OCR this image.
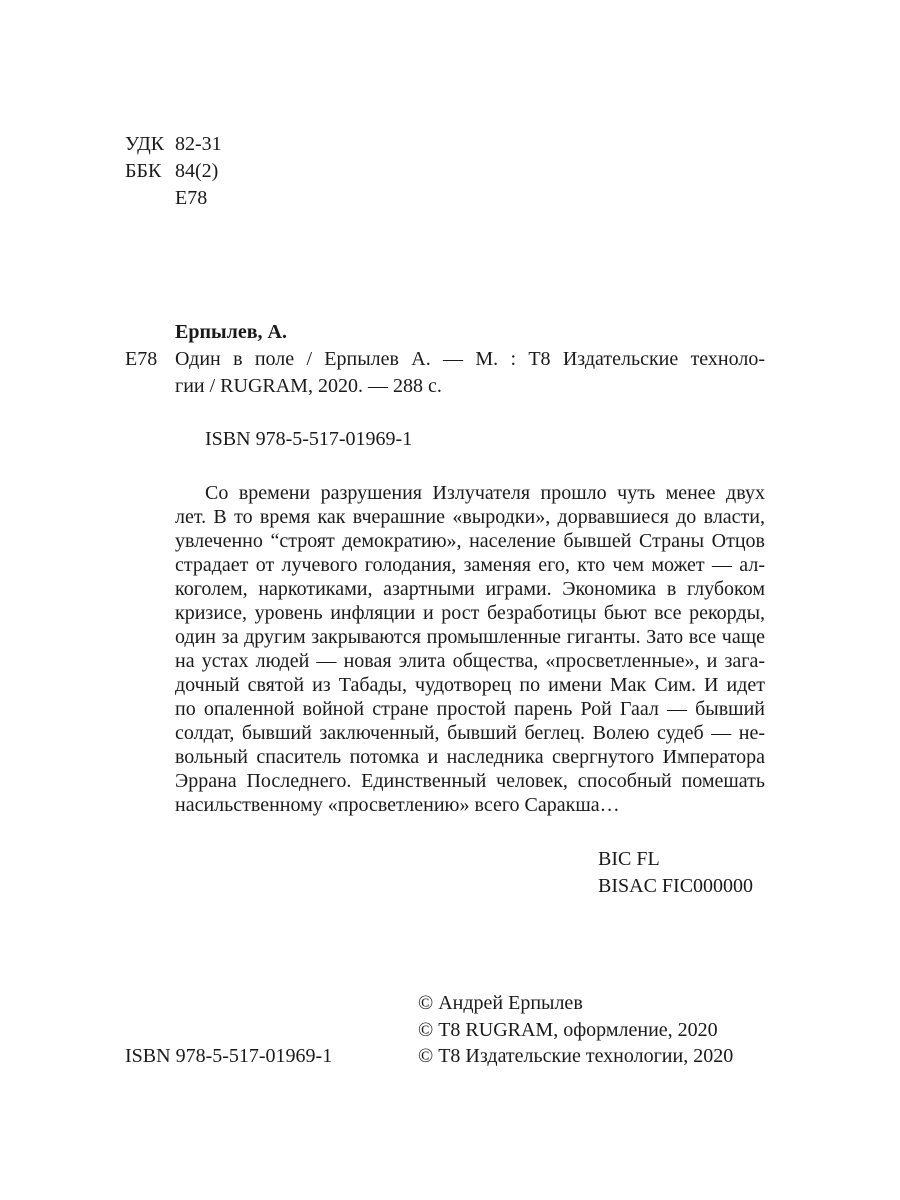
УДК 82-31
ББК 84(2)
Е78
Ерпылев, А.
Е78 Один в поле / Ерпылев А. — М. : Т8 Издательские техноло-

гии / RUGRAM, 2020. — 288 с.
ISBN 978-5-517-01969-1

Со времени разрушения Излучателя прошло чуть менее двух

лет. В то время как вчерашние «выродки», дорвавшиеся до власти,

увлеченно “строят демократию», население бывшей Страны Отцов

страдает от лучевого голодания, заменяя его, кто чем может — ал-

коголем, наркотиками, азартными играми. Экономика в глубоком

кризисе, уровень инфляции и рост безработицы бьют все рекорды,

один за другим закрываются промышленные гиганты. Зато все чаще

на устах людей — новая элита общества, «просветленные», и зага-

дочный святой из Табады, чудотворец по имени Мак Сим. И идет

по опаленной войной стране простой парень Рой Гаал — бывший

солдат, бывший заключенный, бывший беглец. Волею судеб — не-

вольный спаситель потомка и наследника свергнутого Императора

Эррана Последнего. Единственный человек, способный помешать

насильственному «просветлению» всего Саракша…

BIC FL
BISAC FIC000000
ISBN 978-5-517-01969-1
© Андрей Ерпылев
© Т8 RUGRAM, оформление, 2020
© Т8 Издательские технологии, 2020
